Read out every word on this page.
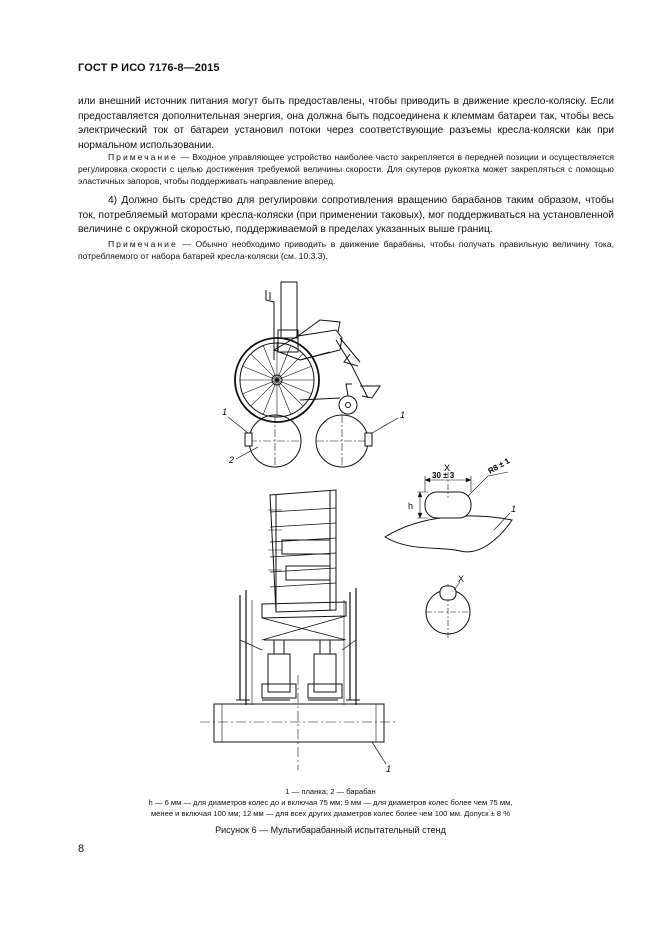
ГОСТ Р ИСО 7176-8—2015
или внешний источник питания могут быть предоставлены, чтобы приводить в движение кресло-коляску. Если предоставляется дополнительная энергия, она должна быть подсоединена к клеммам батареи так, чтобы весь электрический ток от батареи установил потоки через соответствующие разъемы кресла-коляски как при нормальном использовании.
Примечание — Входное управляющее устройство наиболее часто закрепляется в передней позиции и осуществляется регулировка скорости с целью достижения требуемой величины скорости. Для скутеров рукоятка может закрепляться с помощью эластичных запоров, чтобы поддерживать направление вперед.
4) Должно быть средство для регулировки сопротивления вращению барабанов таким образом, чтобы ток, потребляемый моторами кресла-коляски (при применении таковых), мог поддерживаться на установленной величине с окружной скоростью, поддерживаемой в пределах указанных выше границ.
Примечание — Обычно необходимо приводить в движение барабаны, чтобы получать правильную величину тока, потребляемого от набора батарей кресла-коляски (см. 10.3.3).
1	1
2
X
30 ± 3	R8 ± 1
h	1
X
1
1 — планка; 2 — барабан
h — 6 мм — для диаметров колес до и включая 75 мм; 9 мм — для диаметров колес более чем 75 мм,
менее и включая 100 мм; 12 мм — для всех других диаметров колес более чем 100 мм. Допуск ± 8 %
Рисунок 6 — Мультибарабанный испытательный стенд
8
